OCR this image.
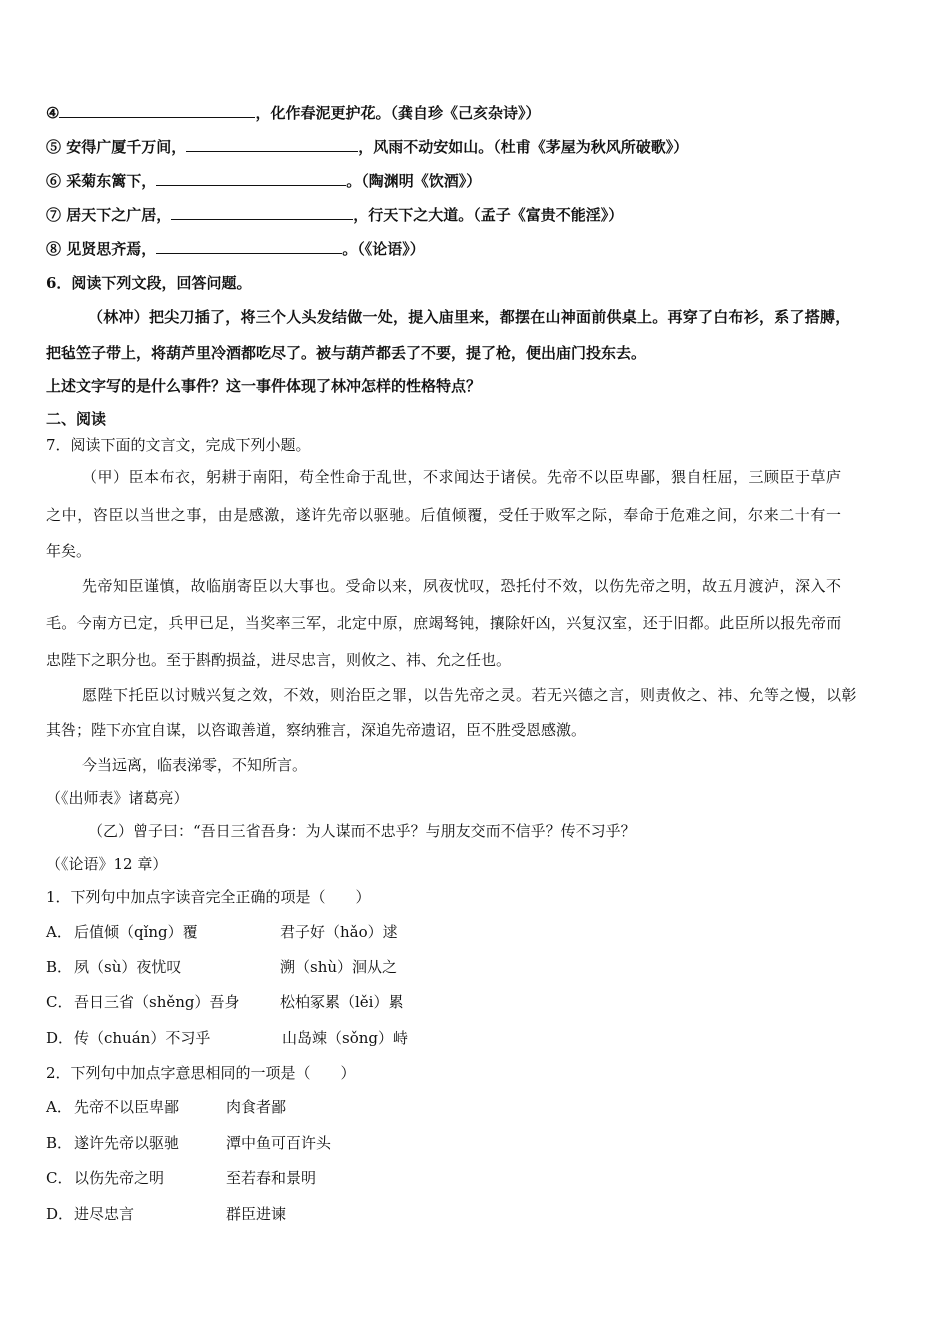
④	，化作春泥更护花。（龚自珍《己亥杂诗》）
⑤ 安得广厦千万间，	，风雨不动安如山。（杜甫《茅屋为秋风所破歌》）
⑥ 采菊东篱下，	。（陶渊明《饮酒》）
⑦ 居天下之广居，	，行天下之大道。（孟子《富贵不能淫》）
⑧ 见贤思齐焉，	。（《论语》）
6．阅读下列文段，回答问题。
（林冲）把尖刀插了，将三个人头发结做一处，提入庙里来，都摆在山神面前供桌上。再穿了白布衫，系了搭膊，
把毡笠子带上，将葫芦里冷酒都吃尽了。被与葫芦都丢了不要，提了枪，便出庙门投东去。
上述文字写的是什么事件？这一事件体现了林冲怎样的性格特点？
二、阅读
7．阅读下面的文言文，完成下列小题。
（甲）臣本布衣，躬耕于南阳，苟全性命于乱世，不求闻达于诸侯。先帝不以臣卑鄙，猥自枉屈，三顾臣于草庐
之中，咨臣以当世之事，由是感激，遂许先帝以驱驰。后值倾覆，受任于败军之际，奉命于危难之间，尔来二十有一
年矣。
先帝知臣谨慎，故临崩寄臣以大事也。受命以来，夙夜忧叹，恐托付不效，以伤先帝之明，故五月渡泸，深入不
毛。今南方已定，兵甲已足，当奖率三军，北定中原，庶竭驽钝，攘除奸凶，兴复汉室，还于旧都。此臣所以报先帝而
忠陛下之职分也。至于斟酌损益，进尽忠言，则攸之、祎、允之任也。
愿陛下托臣以讨贼兴复之效，不效，则治臣之罪，以告先帝之灵。若无兴德之言，则责攸之、祎、允等之慢，以彰
其咎；陛下亦宜自谋，以咨诹善道，察纳雅言，深追先帝遗诏，臣不胜受恩感激。
今当远离，临表涕零，不知所言。
（《出师表》诸葛亮）
（乙）曾子曰：“吾日三省吾身：为人谋而不忠乎？与朋友交而不信乎？传不习乎？
（《论语》12 章）
1．下列句中加点字读音完全正确的项是（　　）
A． 后值倾（qǐng）覆	君子好（hǎo）逑
B． 夙（sù）夜忧叹	溯（shù）洄从之
C． 吾日三省（shěng）吾身	松柏冢累（lěi）累
D．传（chuán）不习乎	山岛竦（sǒng）峙
2．下列句中加点字意思相同的一项是（　　）
A． 先帝不以臣卑鄙	肉食者鄙
B． 遂许先帝以驱驰	潭中鱼可百许头
C． 以伤先帝之明	至若春和景明
D．进尽忠言	群臣进谏
